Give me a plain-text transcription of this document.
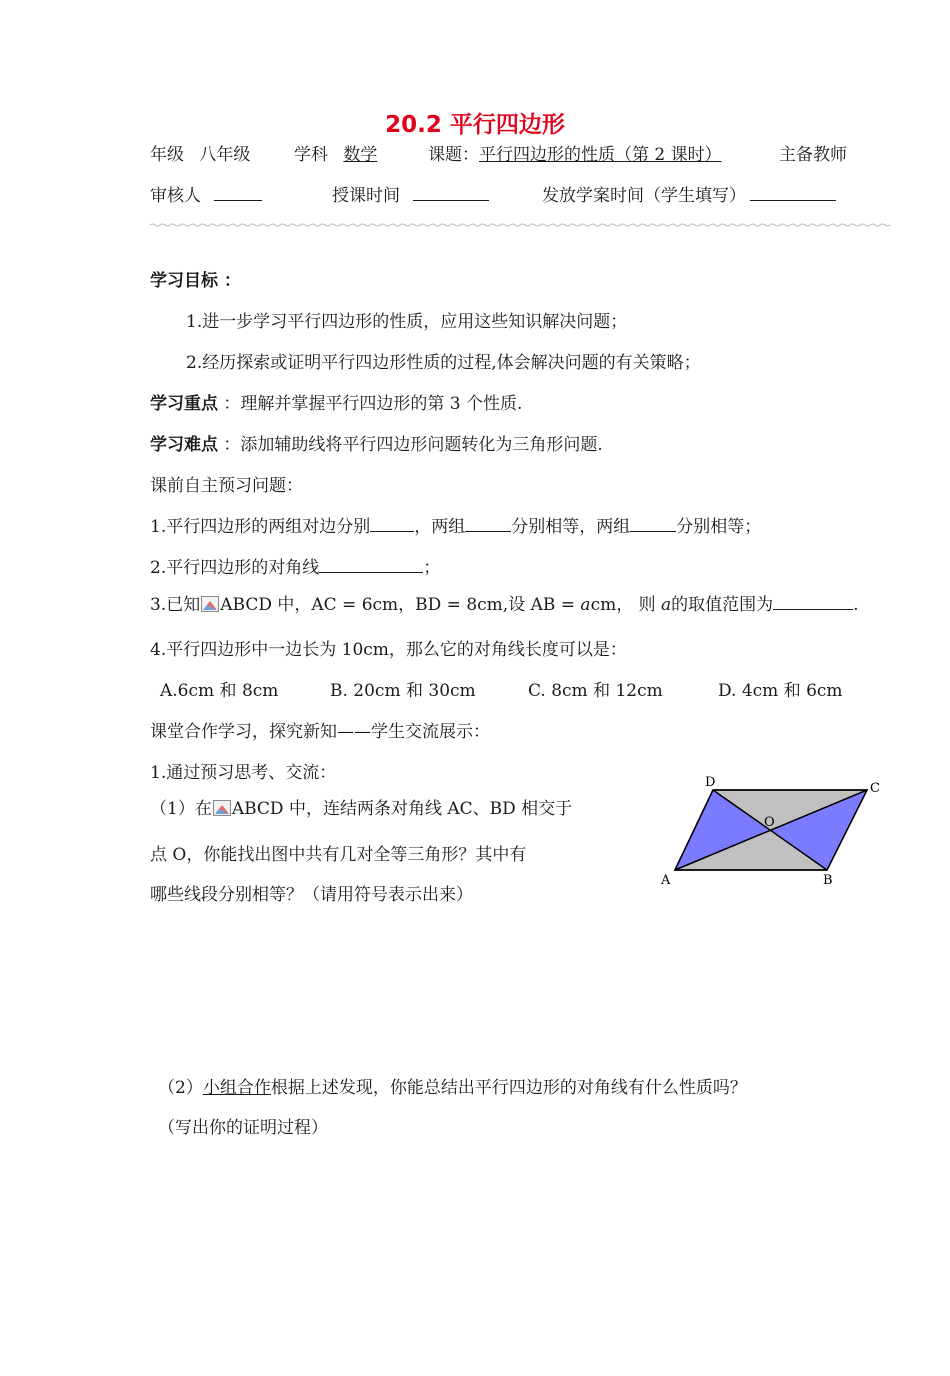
20.2 平行四边形
年级 八年级	学科 数学	课题：平行四边形的性质（第 2 课时）	主备教师
审核人	授课时间	发放学案时间（学生填写）
学习目标 ：
1.进一步学习平行四边形的性质，应用这些知识解决问题；
2.经历探索或证明平行四边形性质的过程,体会解决问题的有关策略；
学习重点 ：理解并掌握平行四边形的第 3 个性质.
学习难点 ：添加辅助线将平行四边形问题转化为三角形问题.
课前自主预习问题：
1.平行四边形的两组对边分别	，两组	分别相等，两组	分别相等；
2.平行四边形的对角线	；
3.已知 ABCD 中，AC = 6cm，BD = 8cm,设 AB = acm， 则 a的取值范围为	.
4.平行四边形中一边长为 10cm，那么它的对角线长度可以是：
A.6cm 和 8cm	B. 20cm 和 30cm	C. 8cm 和 12cm	D. 4cm 和 6cm
课堂合作学习，探究新知——学生交流展示：
1.通过预习思考、交流：
（1）在 ABCD 中，连结两条对角线 AC、BD 相交于
点 O，你能找出图中共有几对全等三角形？其中有
哪些线段分别相等？（请用符号表示出来）
A	B
C
D
O
（2）小组合作根据上述发现，你能总结出平行四边形的对角线有什么性质吗？
（写出你的证明过程）
